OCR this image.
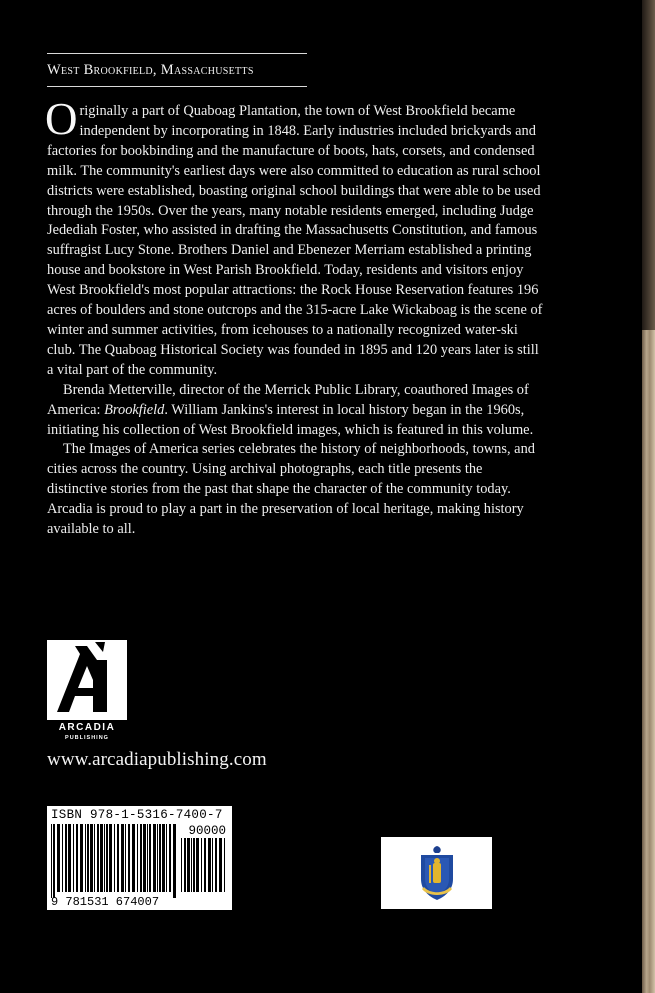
West Brookfield, Massachusetts

Originally a part of Quaboag Plantation, the town of West Brookfield became independent by incorporating in 1848. Early industries included brickyards and factories for bookbinding and the manufacture of boots, hats, corsets, and condensed milk. The community's earliest days were also committed to education as rural school districts were established, boasting original school buildings that were able to be used through the 1950s. Over the years, many notable residents emerged, including Judge Jedediah Foster, who assisted in drafting the Massachusetts Constitution, and famous suffragist Lucy Stone. Brothers Daniel and Ebenezer Merriam established a printing house and bookstore in West Parish Brookfield. Today, residents and visitors enjoy West Brookfield's most popular attractions: the Rock House Reservation features 196 acres of boulders and stone outcrops and the 315-acre Lake Wickaboag is the scene of winter and summer activities, from icehouses to a nationally recognized water-ski club. The Quaboag Historical Society was founded in 1895 and 120 years later is still a vital part of the community.

Brenda Metterville, director of the Merrick Public Library, coauthored Images of America: Brookfield. William Jankins's interest in local history began in the 1960s, initiating his collection of West Brookfield images, which is featured in this volume.

The Images of America series celebrates the history of neighborhoods, towns, and cities across the country. Using archival photographs, each title presents the distinctive stories from the past that shape the character of the community today. Arcadia is proud to play a part in the preservation of local heritage, making history available to all.

ARCADIA
PUBLISHING
www.arcadiapublishing.com
ISBN 978-1-5316-7400-7
90000
9 781531 674007
